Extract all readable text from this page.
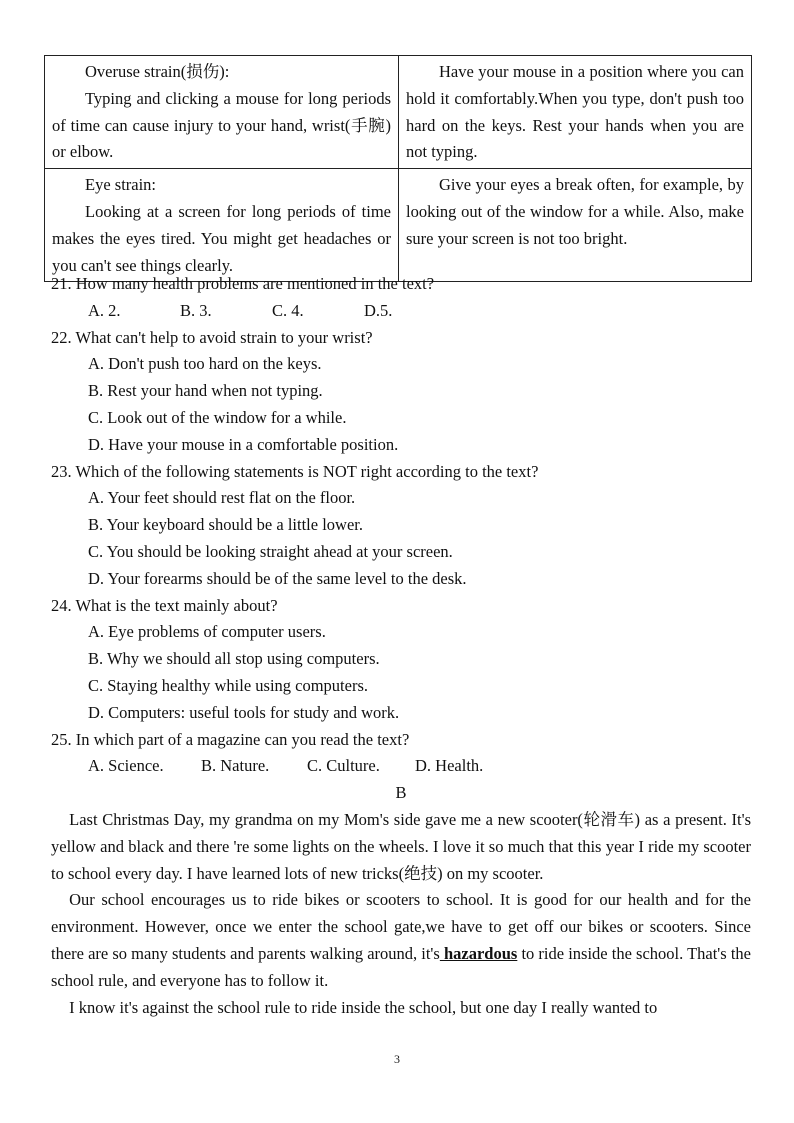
Overuse strain(损伤):

Typing and clicking a mouse for long periods of time can cause injury to your hand, wrist(手腕) or elbow.	Have your mouse in a position where you can hold it comfortably.When you type, don't push too hard on the keys. Rest your hands when you are not typing.

Eye strain:

Looking at a screen for long periods of time makes the eyes tired. You might get headaches or you can't see things clearly.	Give your eyes a break often, for example, by looking out of the window for a while. Also, make sure your screen is not too bright.

21. How many health problems are mentioned in the text?

A. 2.	B. 3.	C. 4.	D.5.

22. What can't help to avoid strain to your wrist?

A. Don't push too hard on the keys.

B. Rest your hand when not typing.

C. Look out of the window for a while.

D. Have your mouse in a comfortable position.

23. Which of the following statements is NOT right according to the text?

A. Your feet should rest flat on the floor.

B. Your keyboard should be a little lower.

C. You should be looking straight ahead at your screen.

D. Your forearms should be of the same level to the desk.

24. What is the text mainly about?

A. Eye problems of computer users.

B. Why we should all stop using computers.

C. Staying healthy while using computers.

D. Computers: useful tools for study and work.

25. In which part of a magazine can you read the text?

A. Science. B. Nature. C. Culture. D. Health.

B

Last Christmas Day, my grandma on my Mom's side gave me a new scooter(轮滑车) as a present. It's yellow and black and there 're some lights on the wheels. I love it so much that this year I ride my scooter to school every day. I have learned lots of new tricks(绝技) on my scooter.

Our school encourages us to ride bikes or scooters to school. It is good for our health and for the environment. However, once we enter the school gate,we have to get off our bikes or scooters. Since there are so many students and parents walking around, it's hazardous to ride inside the school. That's the school rule, and everyone has to follow it.

I know it's against the school rule to ride inside the school, but one day I really wanted to

3
